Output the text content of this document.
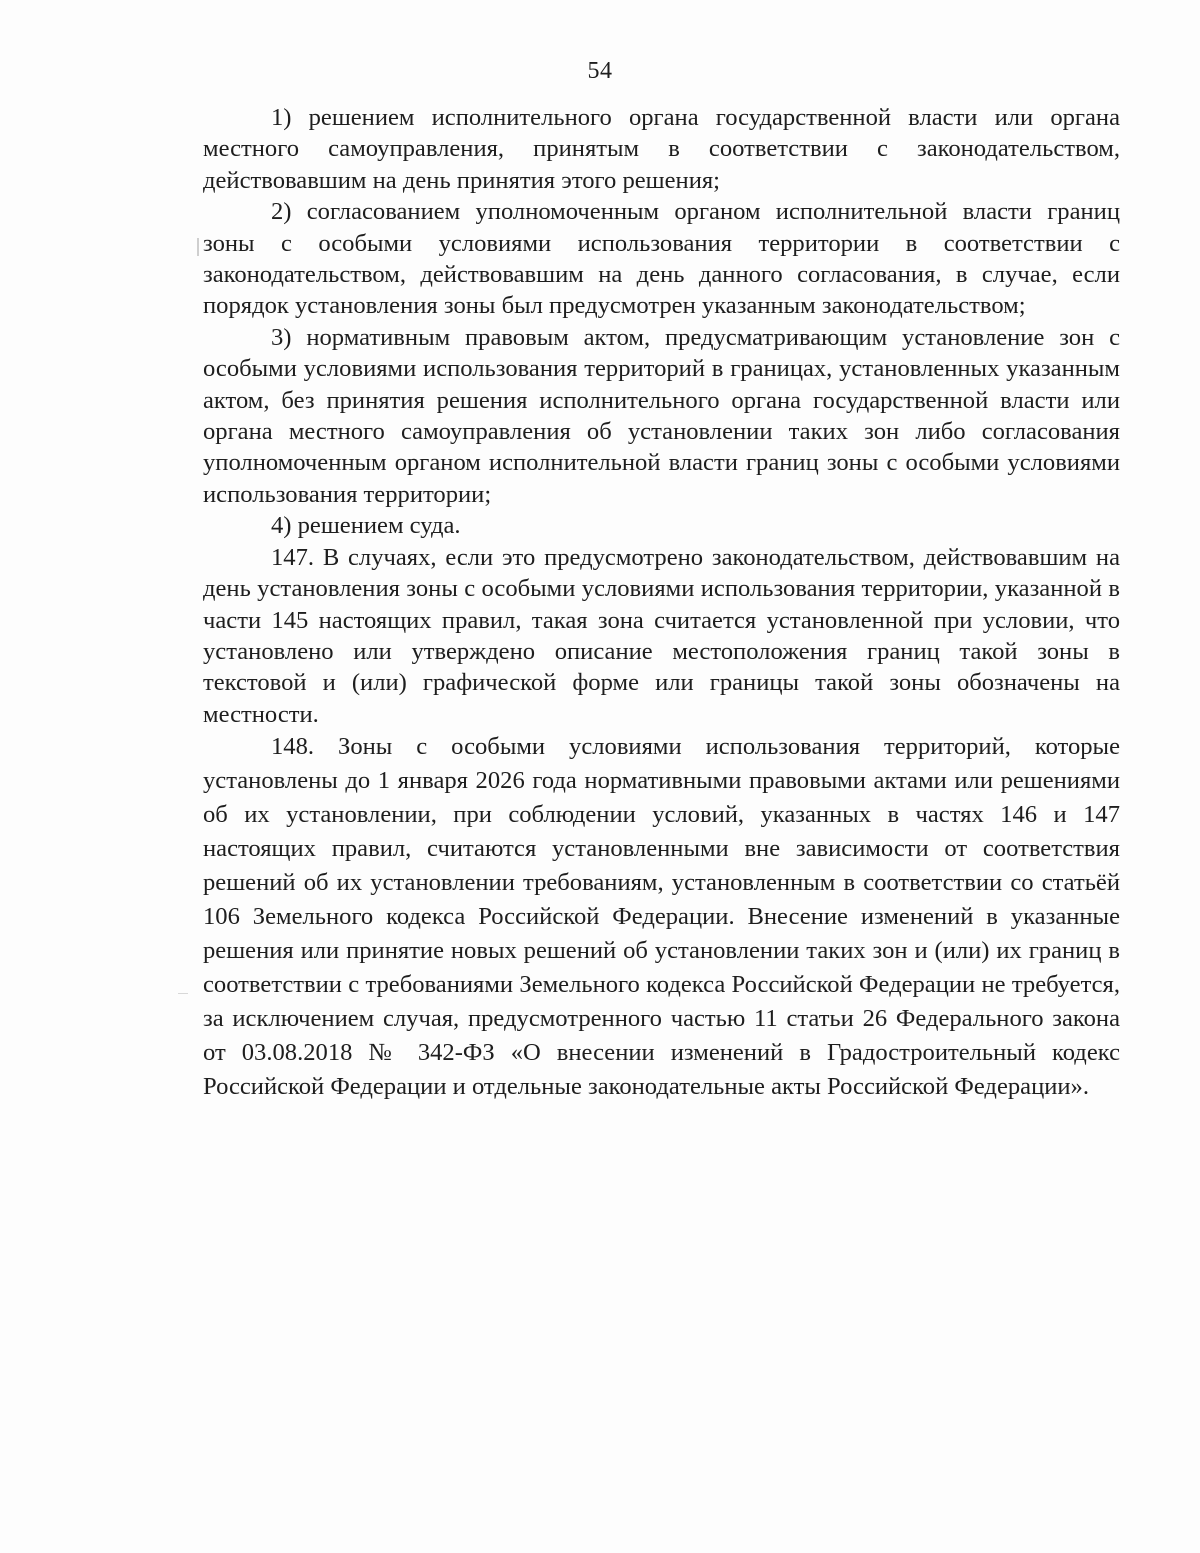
54

1) решением исполнительного органа государственной власти или органа местного самоуправления, принятым в соответствии с законодательством, действовавшим на день принятия этого решения;

2) согласованием уполномоченным органом исполнительной власти границ зоны с особыми условиями использования территории в соответствии с законодательством, действовавшим на день данного согласования, в случае, если порядок установления зоны был предусмотрен указанным законодательством;

3) нормативным правовым актом, предусматривающим установление зон с особыми условиями использования территорий в границах, установленных указанным актом, без принятия решения исполнительного органа государственной власти или органа местного самоуправления об установлении таких зон либо согласования уполномоченным органом исполнительной власти границ зоны с особыми условиями использования территории;

4) решением суда.

147. В случаях, если это предусмотрено законодательством, действовавшим на день установления зоны с особыми условиями использования территории, указанной в части 145 настоящих правил, такая зона считается установленной при условии, что установлено или утверждено описание местоположения границ такой зоны в текстовой и (или) графической форме или границы такой зоны обозначены на местности.

148. Зоны с особыми условиями использования территорий, которые установлены до 1 января 2026 года нормативными правовыми актами или решениями об их установлении, при соблюдении условий, указанных в частях 146 и 147 настоящих правил, считаются установленными вне зависимости от соответствия решений об их установлении требованиям, установленным в соответствии со статьёй 106 Земельного кодекса Российской Федерации. Внесение изменений в указанные решения или принятие новых решений об установлении таких зон и (или) их границ в соответствии с требованиями Земельного кодекса Российской Федерации не требуется, за исключением случая, предусмотренного частью 11 статьи 26 Федерального закона от 03.08.2018 № 342-ФЗ «О внесении изменений в Градостроительный кодекс Российской Федерации и отдельные законодательные акты Российской Федерации».
